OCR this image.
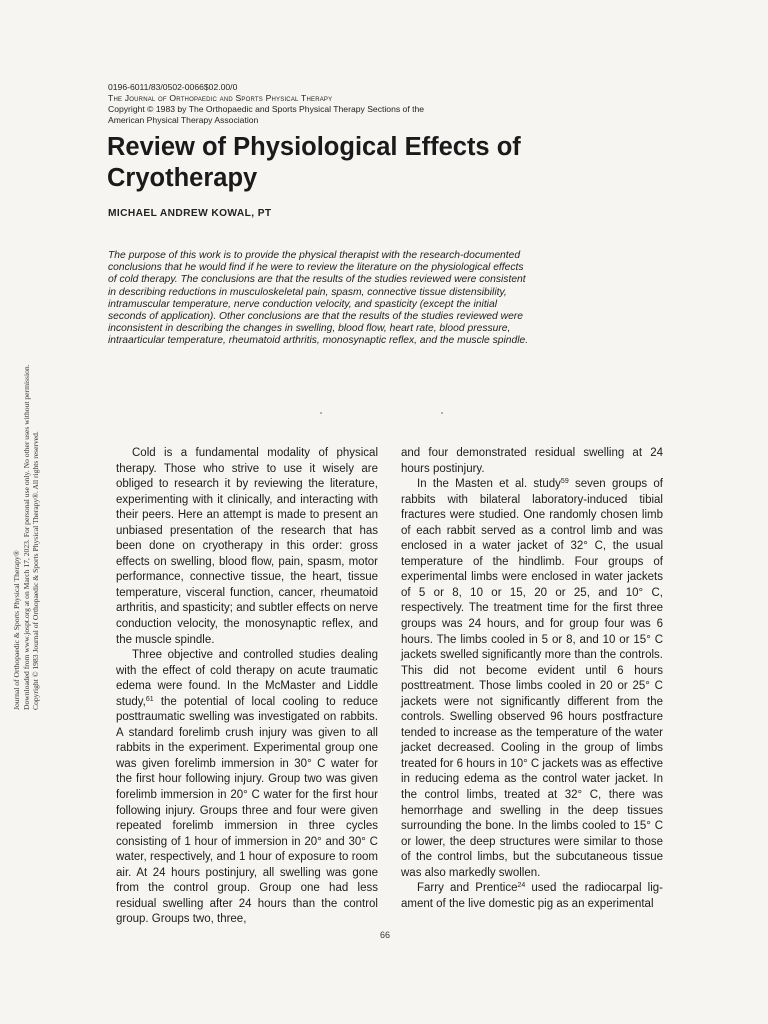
0196-6011/83/0502-0066$02.00/0
The Journal of Orthopaedic and Sports Physical Therapy
Copyright © 1983 by The Orthopaedic and Sports Physical Therapy Sections of the
American Physical Therapy Association
Review of Physiological Effects of Cryotherapy
MICHAEL ANDREW KOWAL, PT

The purpose of this work is to provide the physical therapist with the research-documented conclusions that he would find if he were to review the literature on the physiological effects of cold therapy. The conclusions are that the results of the studies reviewed were consistent in describing reductions in musculoskeletal pain, spasm, connective tissue distensibility, intramuscular temperature, nerve conduction velocity, and spasticity (except the initial seconds of application). Other conclusions are that the results of the studies reviewed were inconsistent in describing the changes in swelling, blood flow, heart rate, blood pressure, intraarticular temperature, rheumatoid arthritis, monosynaptic reflex, and the muscle spindle.

Cold is a fundamental modality of physical therapy. Those who strive to use it wisely are obliged to research it by reviewing the literature, experimenting with it clinically, and interacting with their peers. Here an attempt is made to present an unbiased presentation of the research that has been done on cryotherapy in this order: gross effects on swelling, blood flow, pain, spasm, motor performance, connective tissue, the heart, tissue temperature, visceral function, cancer, rheumatoid arthritis, and spasticity; and subtler effects on nerve conduction velocity, the monosynaptic reflex, and the muscle spindle.

Three objective and controlled studies dealing with the effect of cold therapy on acute traumatic edema were found. In the McMaster and Liddle study,$^{61}$ the potential of local cooling to reduce posttraumatic swelling was investigated on rabbits. A standard forelimb crush injury was given to all rabbits in the experiment. Experimental group one was given forelimb immersion in 30° C water for the first hour following injury. Group two was given forelimb immersion in 20° C water for the first hour following injury. Groups three and four were given repeated forelimb immersion in three cycles consisting of 1 hour of immersion in 20° and 30° C water, respectively, and 1 hour of exposure to room air. At 24 hours postinjury, all swelling was gone from the control group. Group one had less residual swelling after 24 hours than the control group. Groups two, three,

and four demonstrated residual swelling at 24 hours postinjury.

In the Masten et al. study$^{59}$ seven groups of rabbits with bilateral laboratory-induced tibial fractures were studied. One randomly chosen limb of each rabbit served as a control limb and was enclosed in a water jacket of 32° C, the usual temperature of the hindlimb. Four groups of experimental limbs were enclosed in water jackets of 5 or 8, 10 or 15, 20 or 25, and 10° C, respectively. The treatment time for the first three groups was 24 hours, and for group four was 6 hours. The limbs cooled in 5 or 8, and 10 or 15° C jackets swelled significantly more than the controls. This did not become evident until 6 hours posttreatment. Those limbs cooled in 20 or 25° C jackets were not significantly different from the controls. Swelling observed 96 hours postfracture tended to increase as the temperature of the water jacket decreased. Cooling in the group of limbs treated for 6 hours in 10° C jackets was as effective in reducing edema as the control water jacket. In the control limbs, treated at 32° C, there was hemorrhage and swelling in the deep tissues surrounding the bone. In the limbs cooled to 15° C or lower, the deep structures were similar to those of the control limbs, but the subcutaneous tissue was also markedly swollen.

Farry and Prentice$^{24}$ used the radiocarpal ligament of the live domestic pig as an experimental

66
Journal of Orthopaedic & Sports Physical Therapy® Downloaded from www.jospt.org at on March 17, 2023. For personal use only. No other uses without permission. Copyright © 1983 Journal of Orthopaedic & Sports Physical Therapy®. All rights reserved.
